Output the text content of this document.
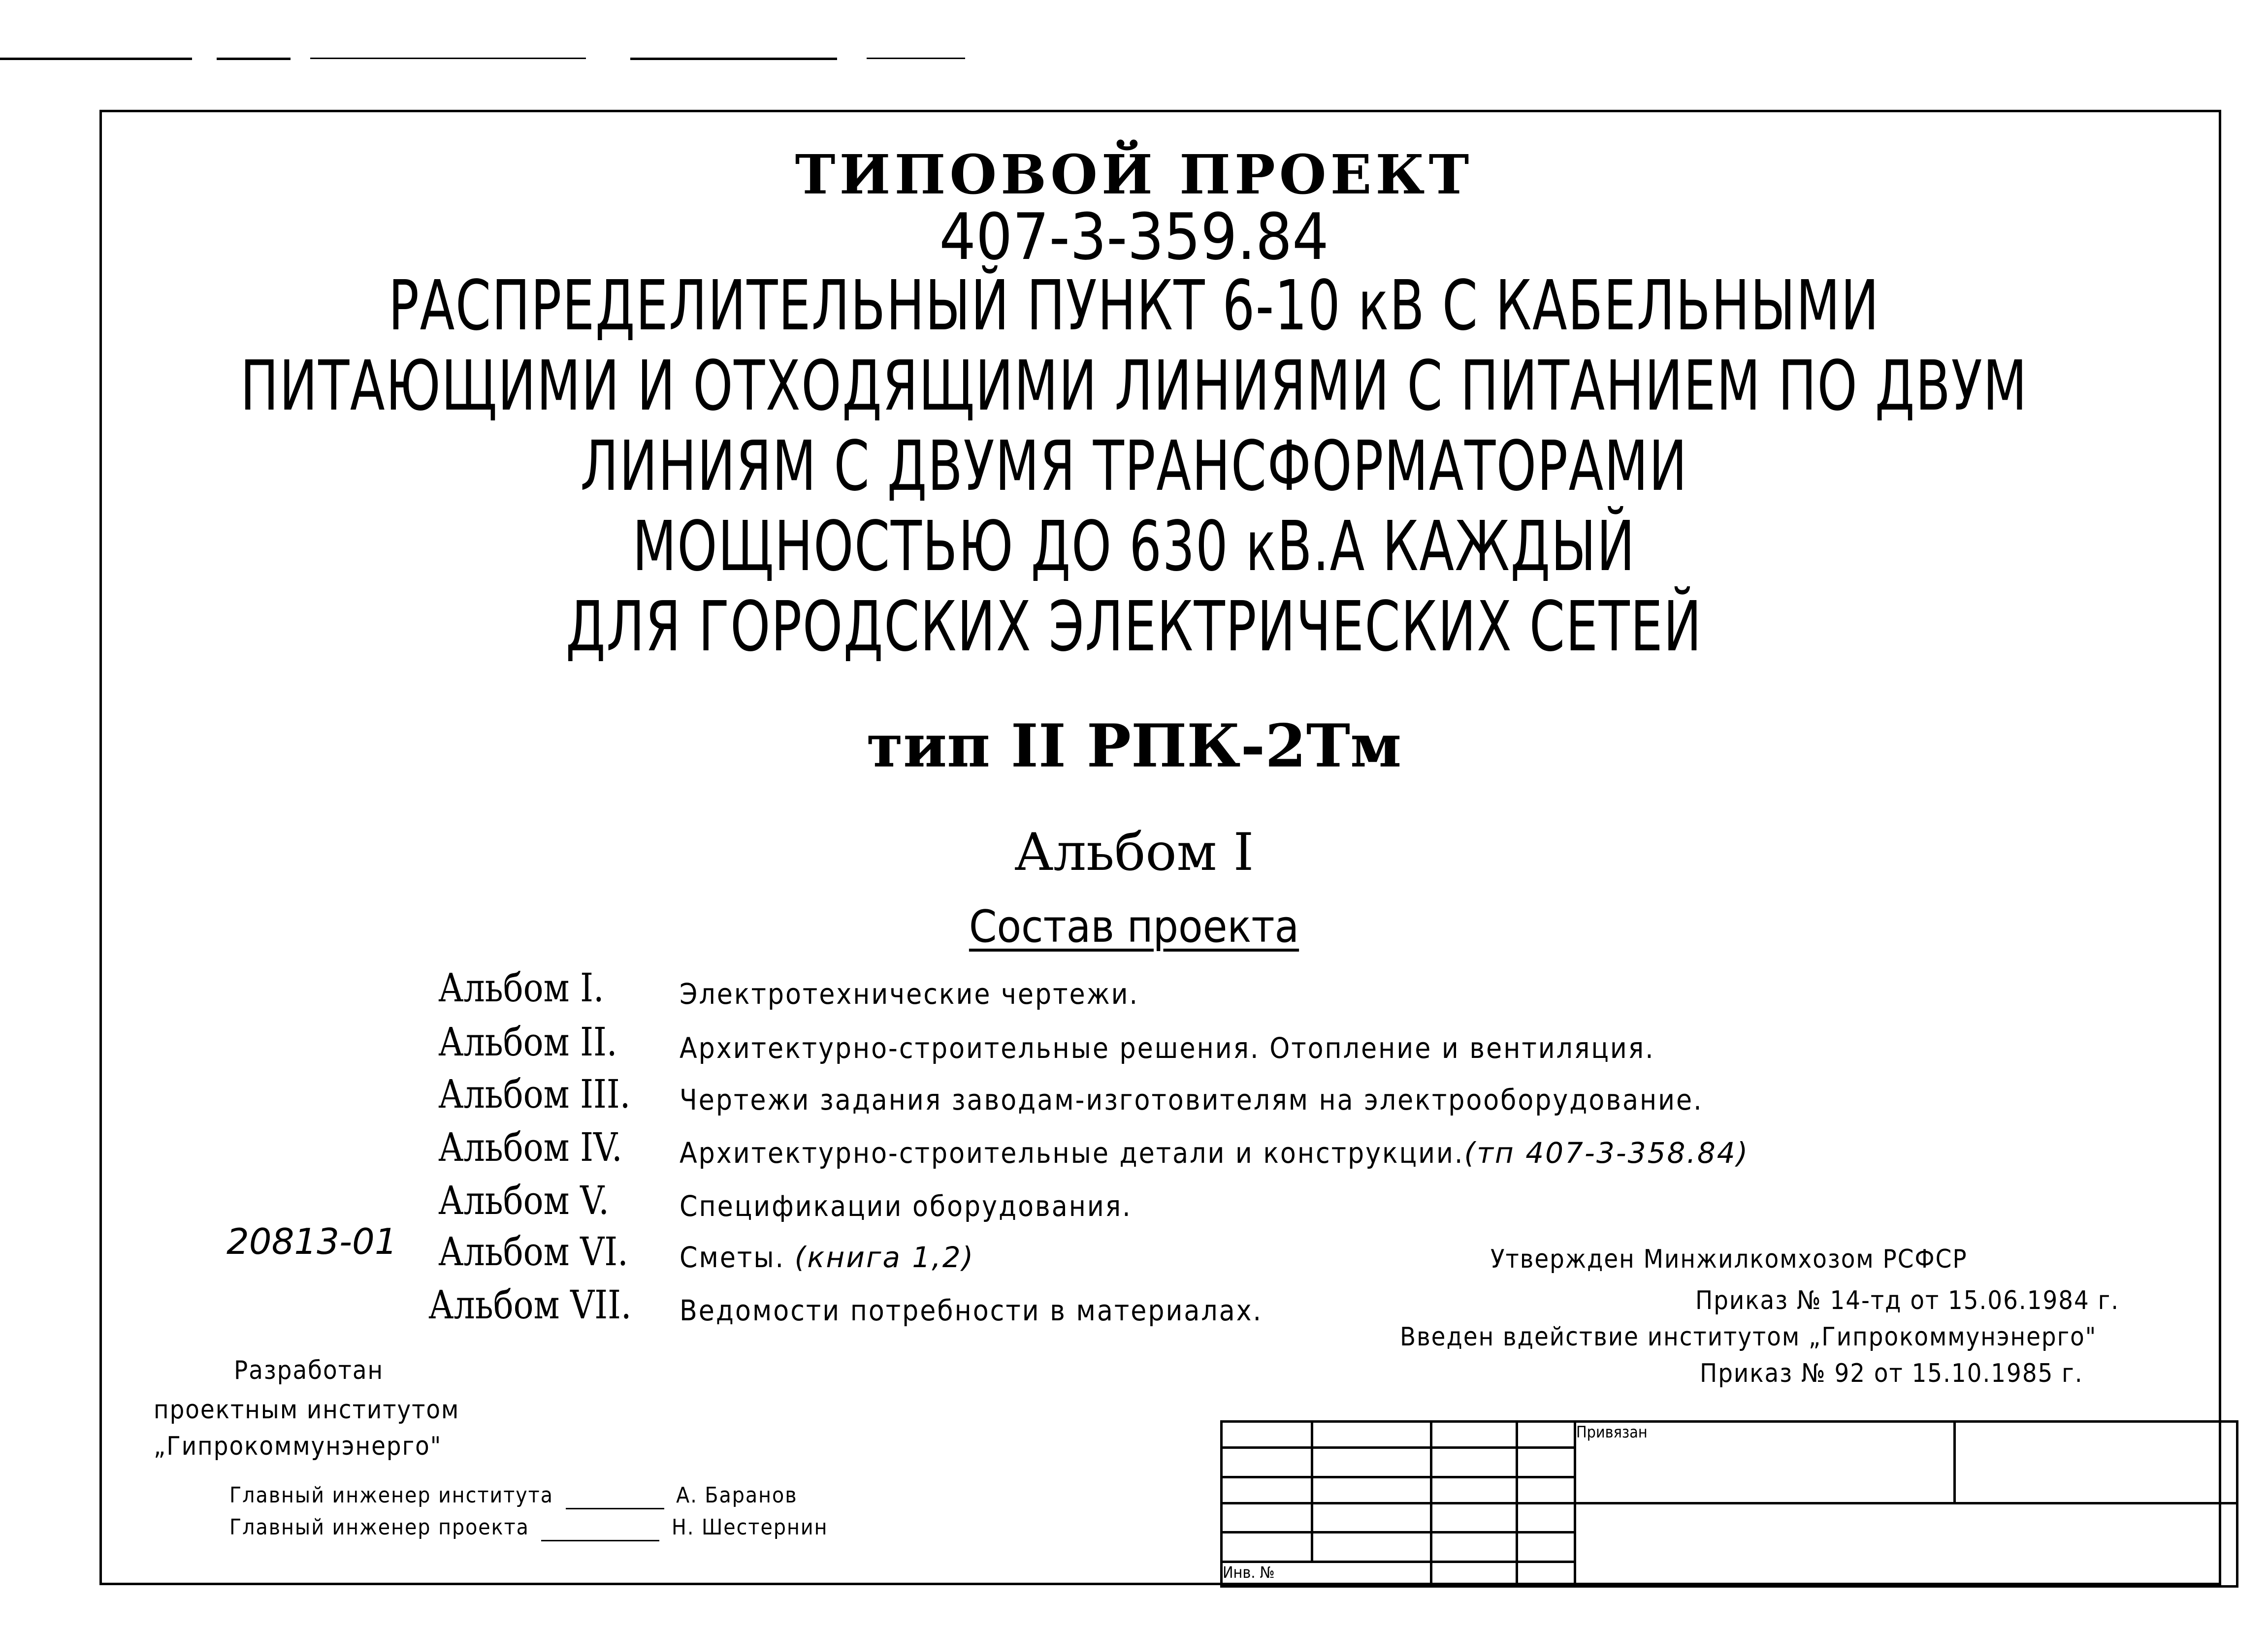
ТИПОВОЙ ПРОЕКТ
407-3-359.84
РАСПРЕДЕЛИТЕЛЬНЫЙ ПУНКТ 6-10 кВ С КАБЕЛЬНЫМИ
ПИТАЮЩИМИ И ОТХОДЯЩИМИ ЛИНИЯМИ С ПИТАНИЕМ ПО ДВУМ
ЛИНИЯМ С ДВУМЯ ТРАНСФОРМАТОРАМИ
МОЩНОСТЬЮ ДО 630 кВ.А КАЖДЫЙ
ДЛЯ ГОРОДСКИХ ЭЛЕКТРИЧЕСКИХ СЕТЕЙ
тип II РПК-2Тм
Альбом I
Состав проекта
Альбом I.	Электротехнические чертежи.
Альбом II. Архитектурно-строительные решения. Отопление и вентиляция.
Альбом III. Чертежи задания заводам-изготовителям на электрооборудование.
Альбом IV. Архитектурно-строительные детали и конструкции.(тп 407-3-358.84)
Альбом V. Спецификации оборудования.
Альбом VI. Сметы. (книга 1,2)
Альбом VII. Ведомости потребности в материалах.
20813-01	Утвержден Минжилкомхозом РСФСР
Приказ № 14-тд от 15.06.1984 г.
Введен вдействие институтом „Гипрокоммунэнерго"
Приказ № 92 от 15.10.1985 г.
Разработан
проектным институтом
„Гипрокоммунэнерго"
Главный инженер института	А. Баранов
Главный инженер проекта	Н. Шестернин
				Привязан	

Инв. №					
